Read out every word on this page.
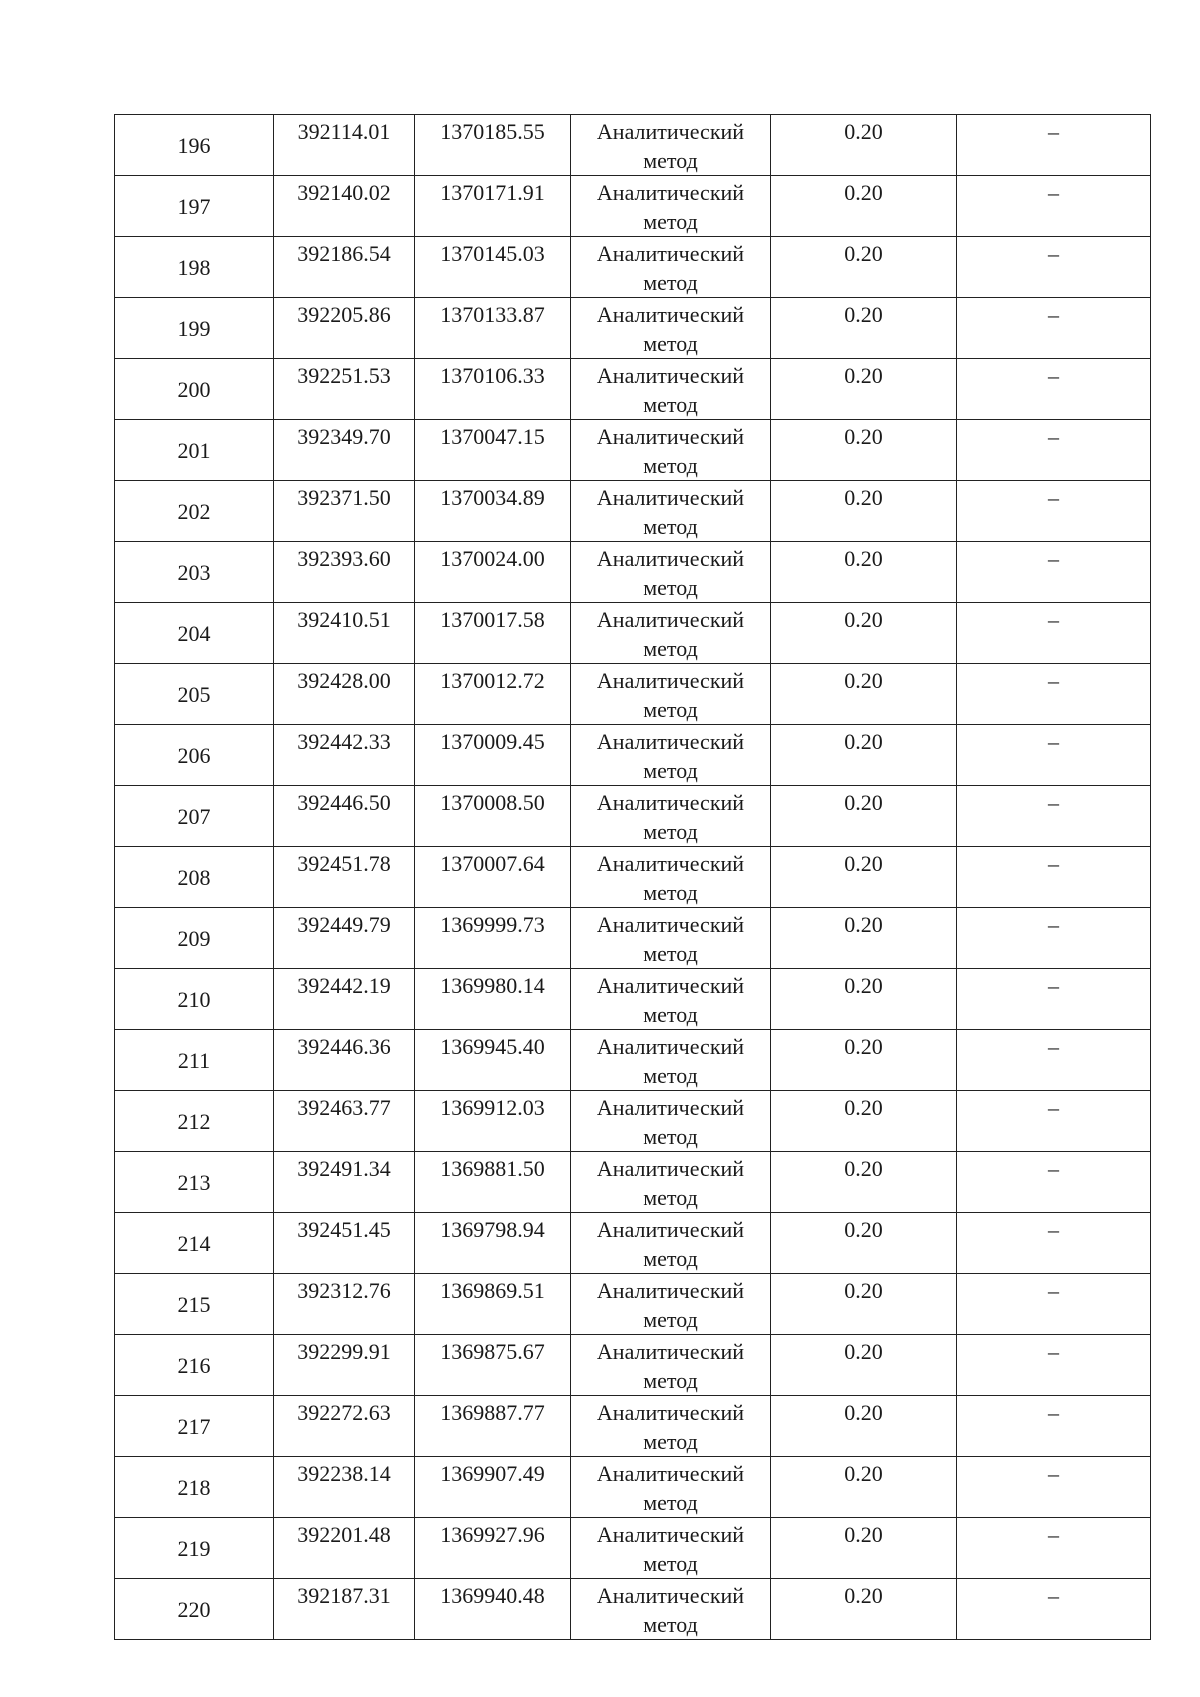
196	392114.01	1370185.55	Аналитический
метод	0.20	–
197	392140.02	1370171.91	Аналитический
метод	0.20	–
198	392186.54	1370145.03	Аналитический
метод	0.20	–
199	392205.86	1370133.87	Аналитический
метод	0.20	–
200	392251.53	1370106.33	Аналитический
метод	0.20	–
201	392349.70	1370047.15	Аналитический
метод	0.20	–
202	392371.50	1370034.89	Аналитический
метод	0.20	–
203	392393.60	1370024.00	Аналитический
метод	0.20	–
204	392410.51	1370017.58	Аналитический
метод	0.20	–
205	392428.00	1370012.72	Аналитический
метод	0.20	–
206	392442.33	1370009.45	Аналитический
метод	0.20	–
207	392446.50	1370008.50	Аналитический
метод	0.20	–
208	392451.78	1370007.64	Аналитический
метод	0.20	–
209	392449.79	1369999.73	Аналитический
метод	0.20	–
210	392442.19	1369980.14	Аналитический
метод	0.20	–
211	392446.36	1369945.40	Аналитический
метод	0.20	–
212	392463.77	1369912.03	Аналитический
метод	0.20	–
213	392491.34	1369881.50	Аналитический
метод	0.20	–
214	392451.45	1369798.94	Аналитический
метод	0.20	–
215	392312.76	1369869.51	Аналитический
метод	0.20	–
216	392299.91	1369875.67	Аналитический
метод	0.20	–
217	392272.63	1369887.77	Аналитический
метод	0.20	–
218	392238.14	1369907.49	Аналитический
метод	0.20	–
219	392201.48	1369927.96	Аналитический
метод	0.20	–
220	392187.31	1369940.48	Аналитический
метод	0.20	–
